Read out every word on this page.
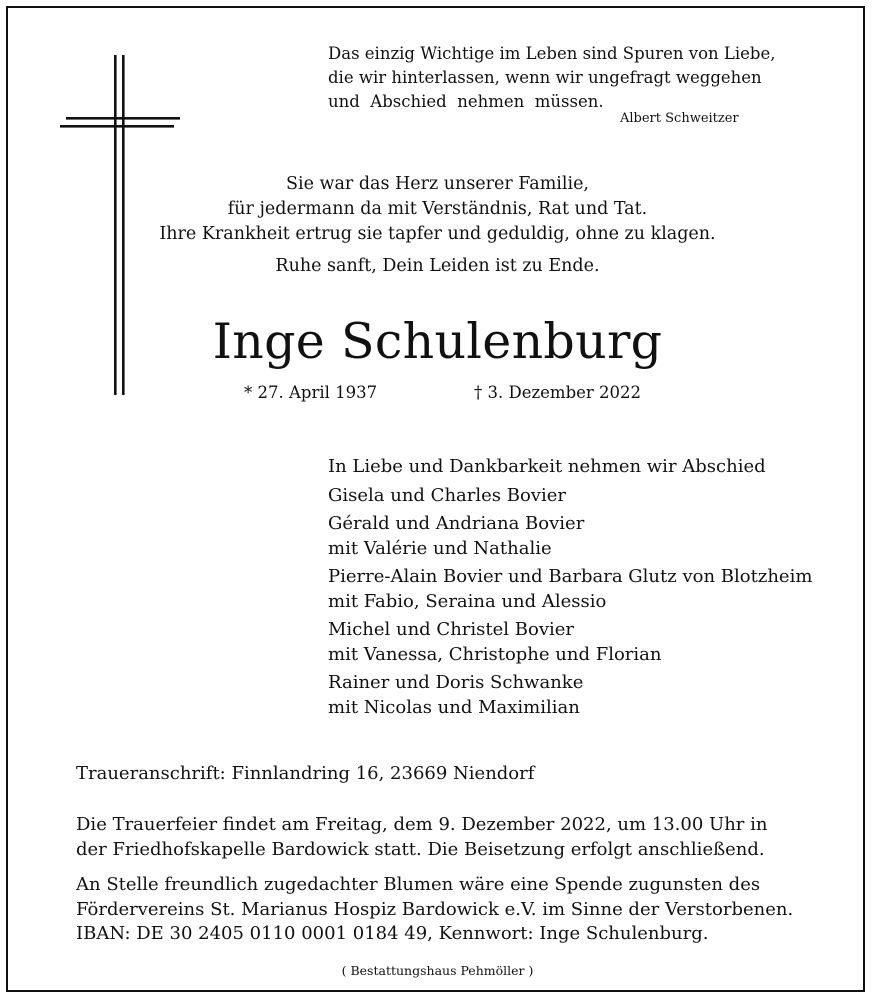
Das einzig Wichtige im Leben sind Spuren von Liebe,
die wir hinterlassen, wenn wir ungefragt weggehen
und  Abschied  nehmen  müssen.
Albert Schweitzer
Sie war das Herz unserer Familie,
für jedermann da mit Verständnis, Rat und Tat.
Ihre Krankheit ertrug sie tapfer und geduldig, ohne zu klagen.
Ruhe sanft, Dein Leiden ist zu Ende.
Inge Schulenburg
* 27. April 1937	† 3. Dezember 2022
In Liebe und Dankbarkeit nehmen wir Abschied
Gisela und Charles Bovier
Gérald und Andriana Bovier
mit Valérie und Nathalie
Pierre-Alain Bovier und Barbara Glutz von Blotzheim
mit Fabio, Seraina und Alessio
Michel und Christel Bovier
mit Vanessa, Christophe und Florian
Rainer und Doris Schwanke
mit Nicolas und Maximilian
Traueranschrift: Finnlandring 16, 23669 Niendorf
Die Trauerfeier findet am Freitag, dem 9. Dezember 2022, um 13.00 Uhr in
der Friedhofskapelle Bardowick statt. Die Beisetzung erfolgt anschließend.
An Stelle freundlich zugedachter Blumen wäre eine Spende zugunsten des
Fördervereins St. Marianus Hospiz Bardowick e.V. im Sinne der Verstorbenen.
IBAN: DE 30 2405 0110 0001 0184 49, Kennwort: Inge Schulenburg.
( Bestattungshaus Pehmöller )
